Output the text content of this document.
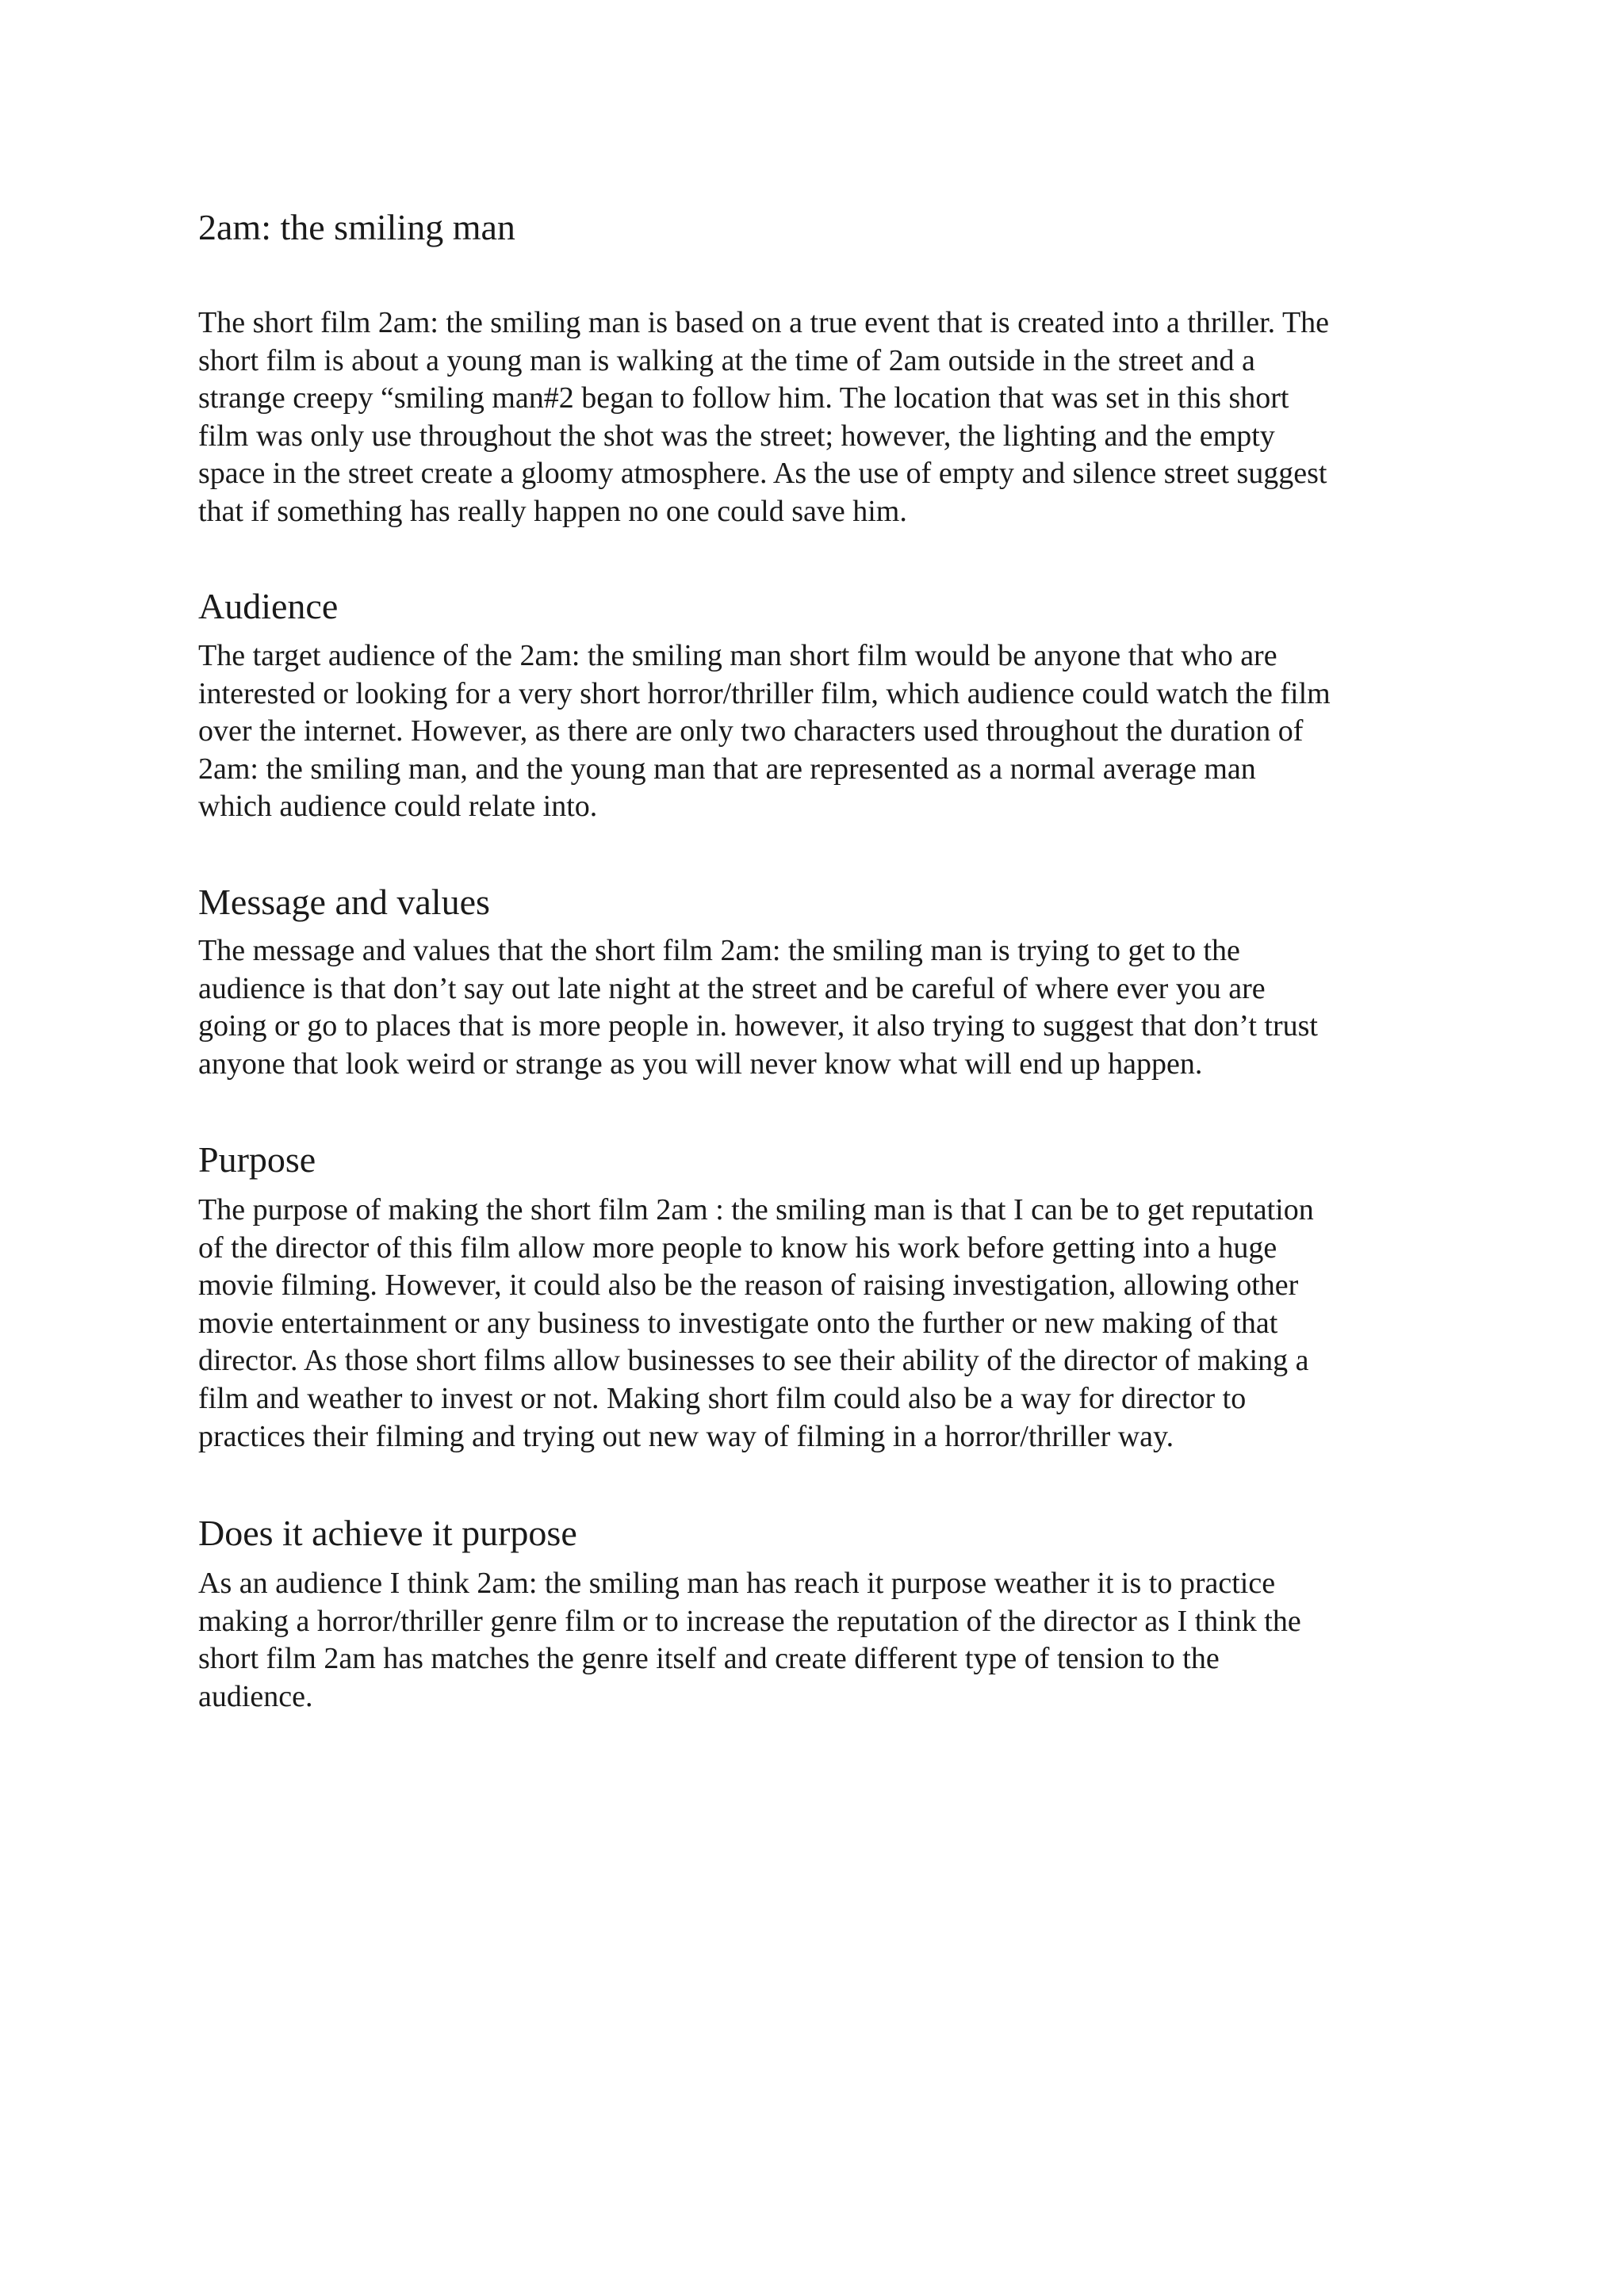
2am: the smiling man
The short film 2am: the smiling man is based on a true event that is created into a thriller. The
short film is about a young man is walking at the time of 2am outside in the street and a
strange creepy “smiling man#2 began to follow him. The location that was set in this short
film was only use throughout the shot was the street; however, the lighting and the empty
space in the street create a gloomy atmosphere. As the use of empty and silence street suggest
that if something has really happen no one could save him.
Audience
The target audience of the 2am: the smiling man short film would be anyone that who are
interested or looking for a very short horror/thriller film, which audience could watch the film
over the internet. However, as there are only two characters used throughout the duration of
2am: the smiling man, and the young man that are represented as a normal average man
which audience could relate into.
Message and values
The message and values that the short film 2am: the smiling man is trying to get to the
audience is that don’t say out late night at the street and be careful of where ever you are
going or go to places that is more people in. however, it also trying to suggest that don’t trust
anyone that look weird or strange as you will never know what will end up happen.
Purpose
The purpose of making the short film 2am : the smiling man is that I can be to get reputation
of the director of this film allow more people to know his work before getting into a huge
movie filming. However, it could also be the reason of raising investigation, allowing other
movie entertainment or any business to investigate onto the further or new making of that
director. As those short films allow businesses to see their ability of the director of making a
film and weather to invest or not. Making short film could also be a way for director to
practices their filming and trying out new way of filming in a horror/thriller way.
Does it achieve it purpose
As an audience I think 2am: the smiling man has reach it purpose weather it is to practice
making a horror/thriller genre film or to increase the reputation of the director as I think the
short film 2am has matches the genre itself and create different type of tension to the
audience.
